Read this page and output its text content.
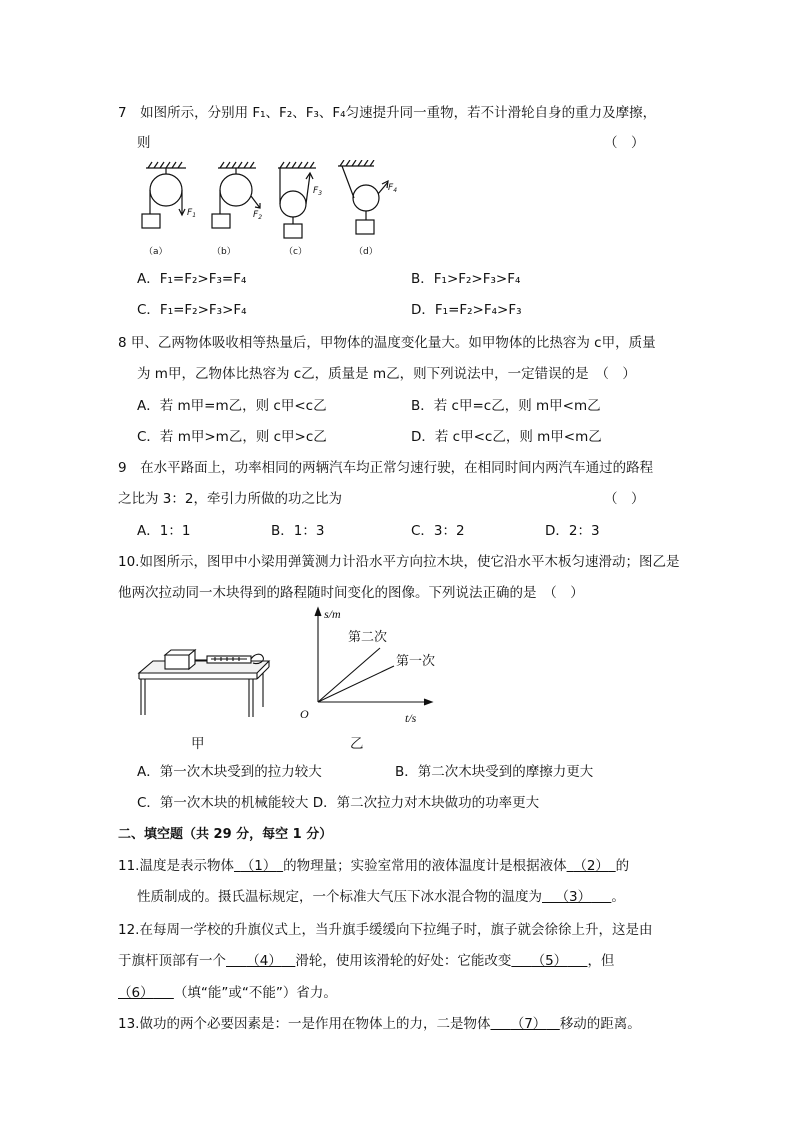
7　如图所示，分别用 F₁、F₂、F₃、F₄匀速提升同一重物，若不计滑轮自身的重力及摩擦，
则	（　）
$F_1$	$F_2$
$F_3$
$F_4$
（a）	（b）	（c）	（d）
A．F₁=F₂>F₃=F₄	B．F₁>F₂>F₃>F₄
C．F₁=F₂>F₃>F₄	D．F₁=F₂>F₄>F₃
8 甲、乙两物体吸收相等热量后，甲物体的温度变化量大。如甲物体的比热容为 c甲，质量
为 m甲，乙物体比热容为 c乙，质量是 m乙，则下列说法中，一定错误的是　（　）
A．若 m甲=m乙，则 c甲<c乙	B．若 c甲=c乙，则 m甲<m乙
C．若 m甲>m乙，则 c甲>c乙	D．若 c甲<c乙，则 m甲<m乙
9　在水平路面上，功率相同的两辆汽车均正常匀速行驶，在相同时间内两汽车通过的路程
之比为 3：2，牵引力所做的功之比为	（　）
A．1：1	B．1：3	C．3：2	D．2：3
10.如图所示，图甲中小梁用弹簧测力计沿水平方向拉木块，使它沿水平木板匀速滑动；图乙是
他两次拉动同一木块得到的路程随时间变化的图像。下列说法正确的是　（　）
甲
s/m
t/s
O
第二次
第一次
乙
A．第一次木块受到的拉力较大	B．第二次木块受到的摩擦力更大
C．第一次木块的机械能较大 D．第二次拉力对木块做功的功率更大
二、填空题（共 29 分，每空 1 分）
11.温度是表示物体  （1）  的物理量；实验室常用的液体温度计是根据液体  （2）  的
性质制成的。摄氏温标规定，一个标准大气压下冰水混合物的温度为   （3）    。
12.在每周一学校的升旗仪式上，当升旗手缓缓向下拉绳子时，旗子就会徐徐上升，这是由
于旗杆顶部有一个    （4）   滑轮，使用该滑轮的好处：它能改变    （5）    ，但
（6）    （填“能”或“不能”）省力。
13.做功的两个必要因素是：一是作用在物体上的力，二是物体    （7）   移动的距离。
